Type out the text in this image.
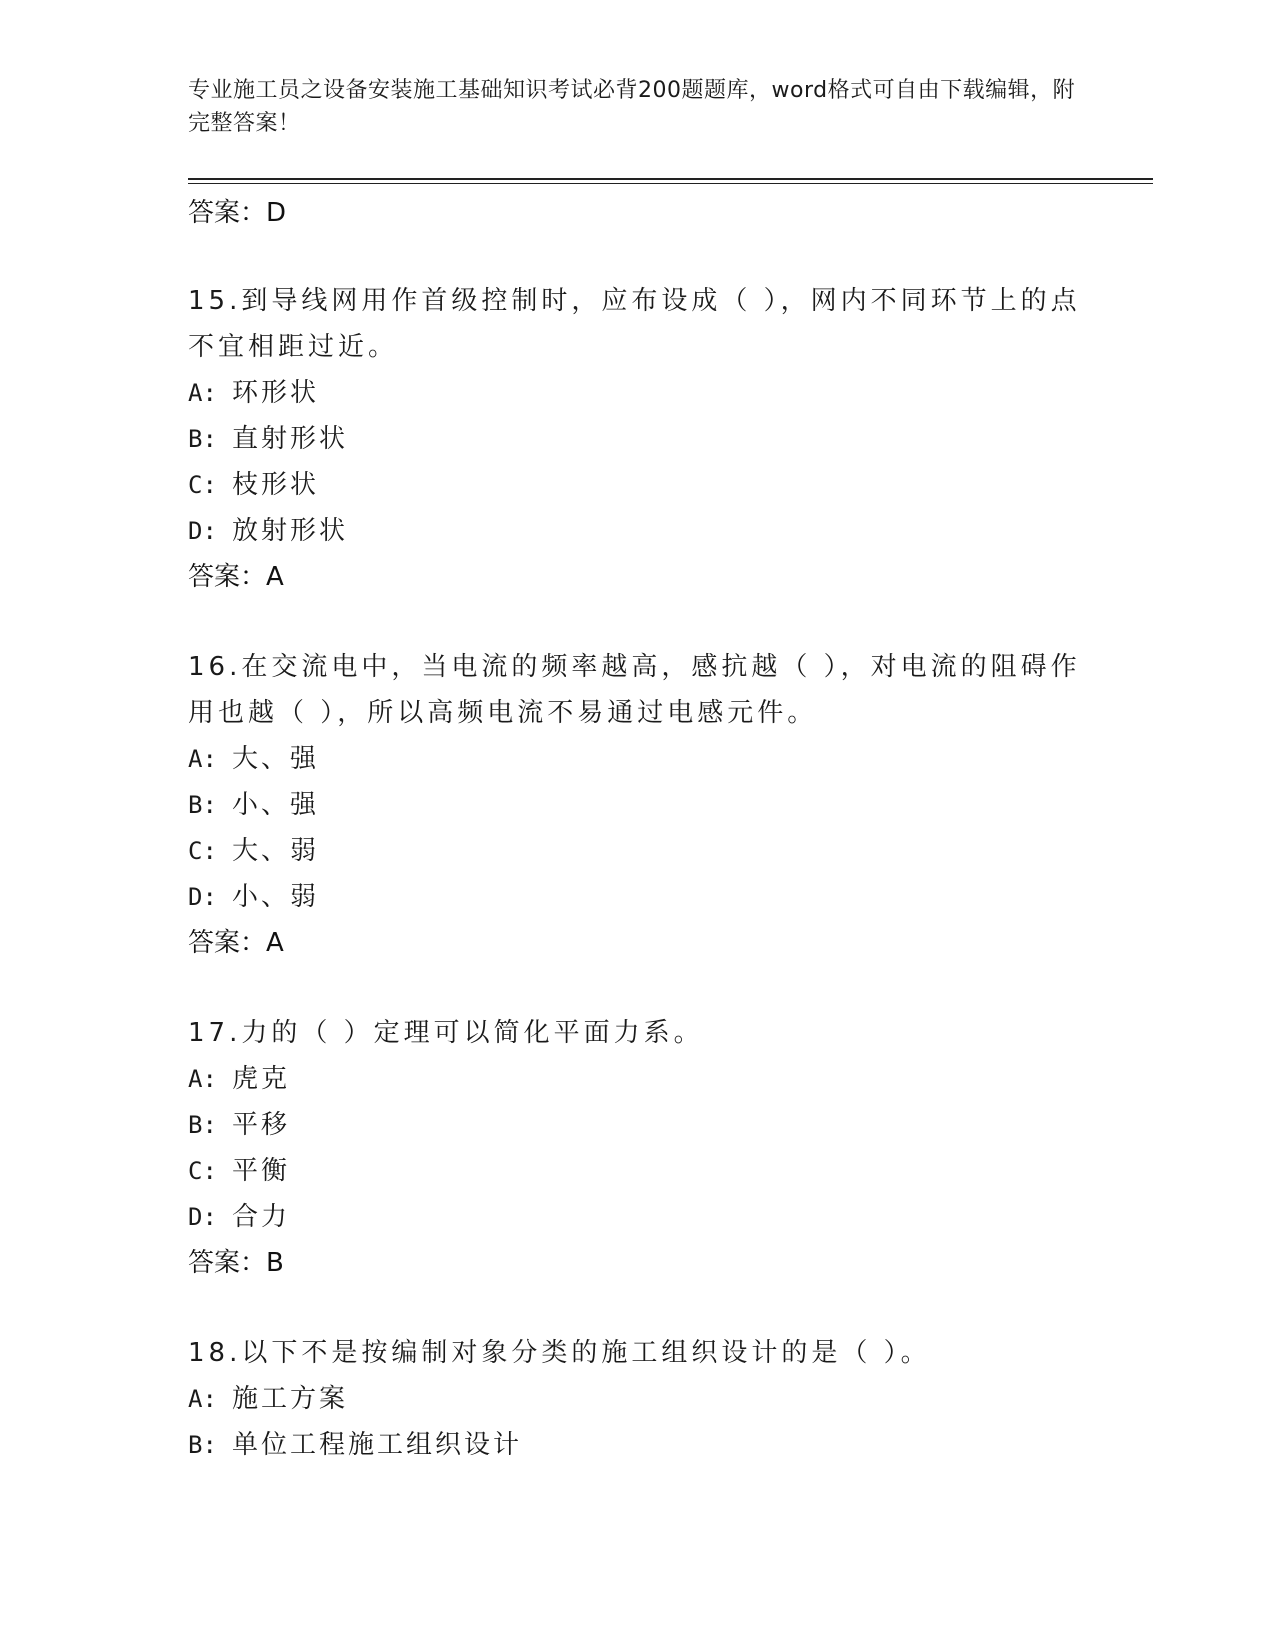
专业施工员之设备安装施工基础知识考试必背200题题库，word格式可自由下载编辑，附完整答案！
答案：D
15.到导线网用作首级控制时，应布设成（ ），网内不同环节上的点不宜相距过近。
A: 环形状
B: 直射形状
C: 枝形状
D: 放射形状
答案：A
16.在交流电中，当电流的频率越高，感抗越（ ），对电流的阻碍作用也越（ ），所以高频电流不易通过电感元件。
A: 大、强
B: 小、强
C: 大、弱
D: 小、弱
答案：A
17.力的（ ）定理可以简化平面力系。
A: 虎克
B: 平移
C: 平衡
D: 合力
答案：B
18.以下不是按编制对象分类的施工组织设计的是（ ）。
A: 施工方案
B: 单位工程施工组织设计
